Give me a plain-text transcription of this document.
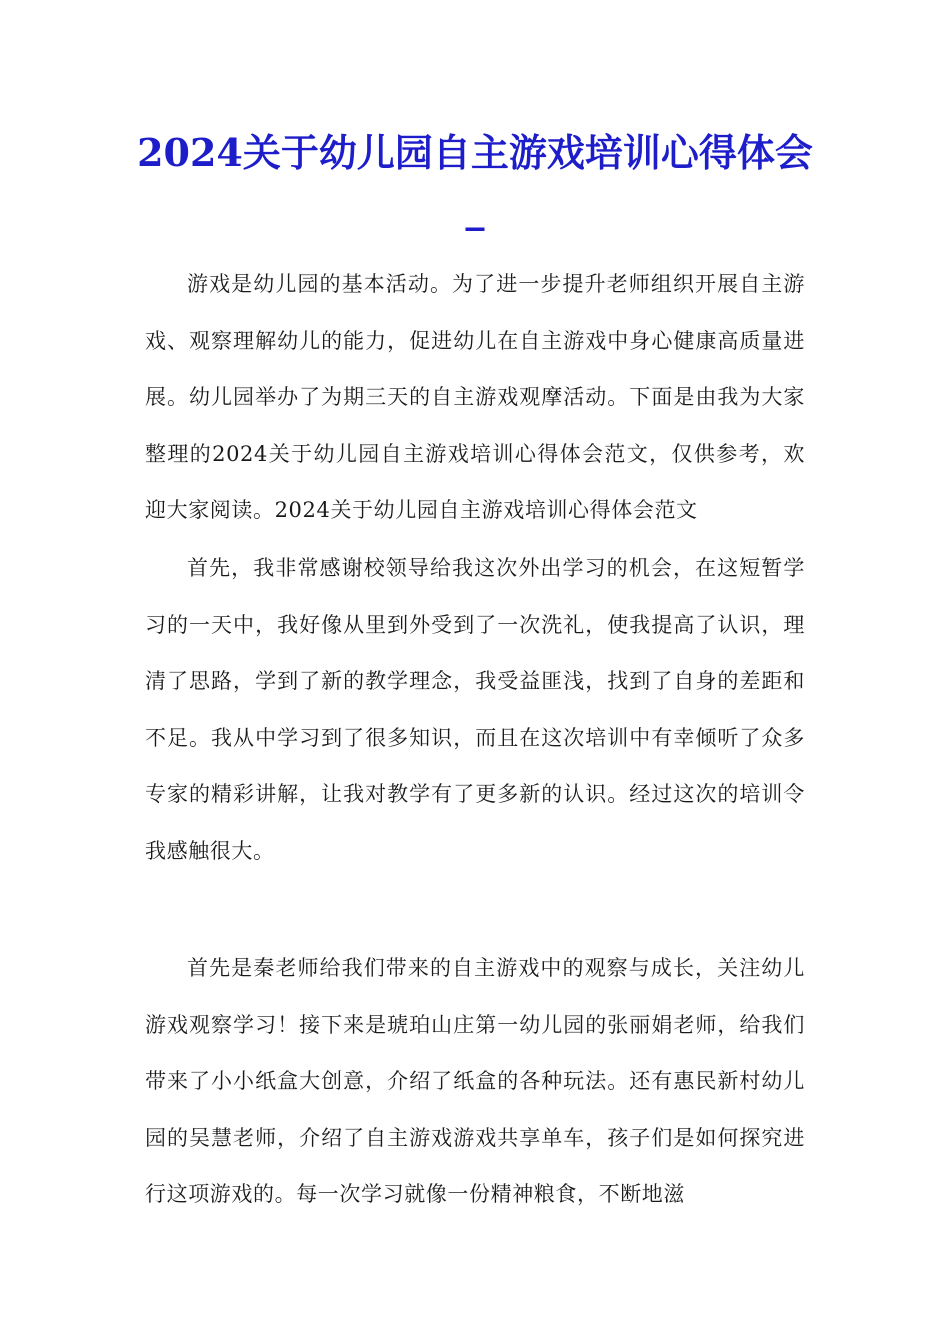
2024关于幼儿园自主游戏培训心得体会_

游戏是幼儿园的基本活动。为了进一步提升老师组织开展自主游戏、观察理解幼儿的能力，促进幼儿在自主游戏中身心健康高质量进展。幼儿园举办了为期三天的自主游戏观摩活动。下面是由我为大家整理的2024关于幼儿园自主游戏培训心得体会范文，仅供参考，欢迎大家阅读。2024关于幼儿园自主游戏培训心得体会范文

首先，我非常感谢校领导给我这次外出学习的机会，在这短暂学习的一天中，我好像从里到外受到了一次洗礼，使我提高了认识，理清了思路，学到了新的教学理念，我受益匪浅，找到了自身的差距和不足。我从中学习到了很多知识，而且在这次培训中有幸倾听了众多专家的精彩讲解，让我对教学有了更多新的认识。经过这次的培训令我感触很大。

首先是秦老师给我们带来的自主游戏中的观察与成长，关注幼儿游戏观察学习！接下来是琥珀山庄第一幼儿园的张丽娟老师，给我们带来了小小纸盒大创意，介绍了纸盒的各种玩法。还有惠民新村幼儿园的吴慧老师，介绍了自主游戏游戏共享单车，孩子们是如何探究进行这项游戏的。每一次学习就像一份精神粮食，不断地滋
